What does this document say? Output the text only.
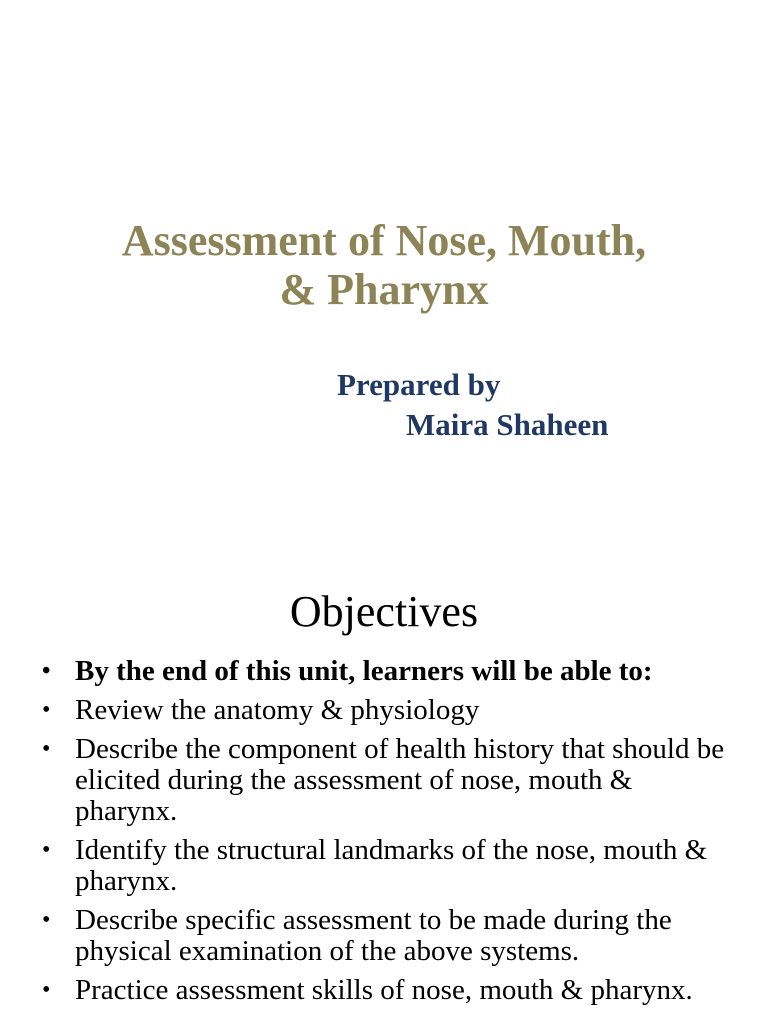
Assessment of Nose, Mouth,
& Pharynx
Prepared by
Maira Shaheen
Objectives
• By the end of this unit, learners will be able to:
• Review the anatomy & physiology
• Describe the component of health history that should be elicited during the assessment of nose, mouth & pharynx.
• Identify the structural landmarks of the nose, mouth & pharynx.
• Describe specific assessment to be made during the physical examination of the above systems.
• Practice assessment skills of nose, mouth & pharynx.
